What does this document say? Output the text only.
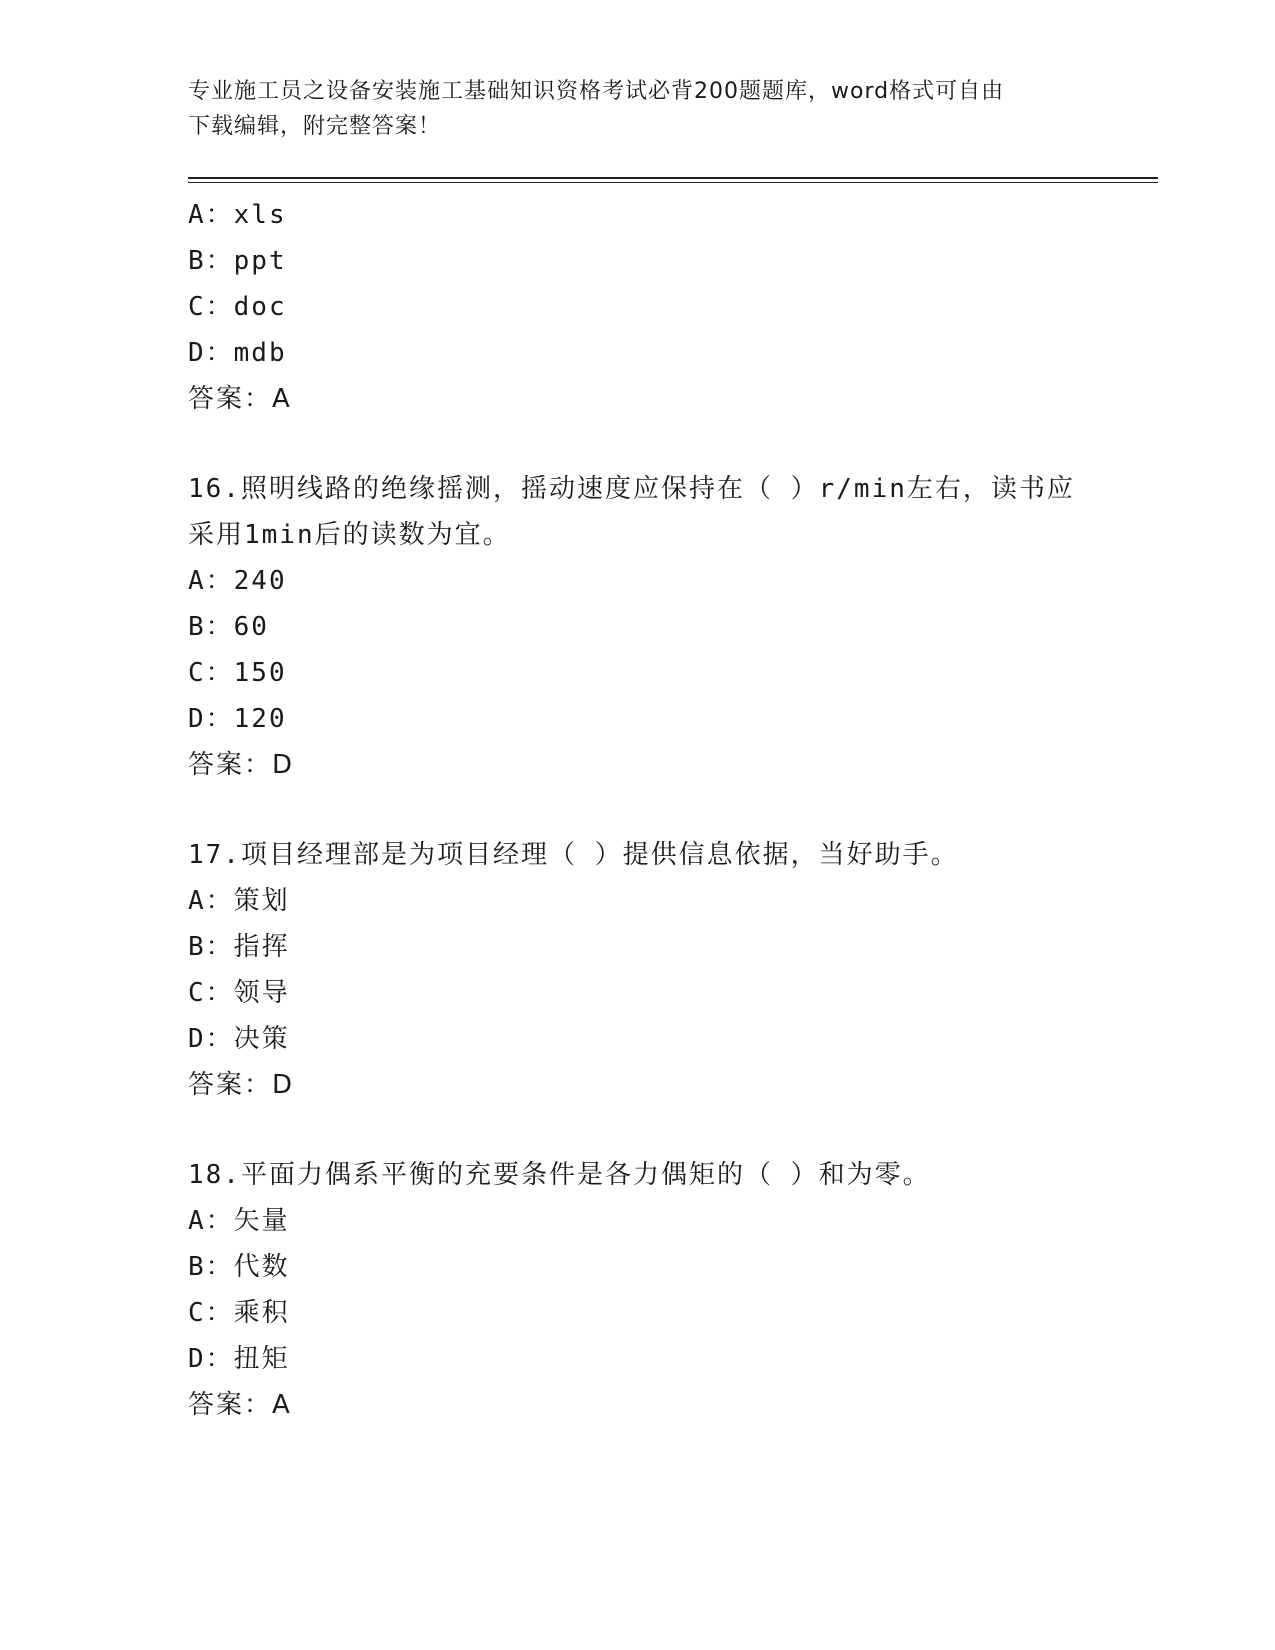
专业施工员之设备安装施工基础知识资格考试必背200题题库，word格式可自由
下载编辑，附完整答案！
A：xls
B：ppt
C：doc
D：mdb
答案：A
16.照明线路的绝缘摇测，摇动速度应保持在（ ）r/min左右，读书应
采用1min后的读数为宜。
A：240
B：60
C：150
D：120
答案：D
17.项目经理部是为项目经理（ ）提供信息依据，当好助手。
A：策划
B：指挥
C：领导
D：决策
答案：D
18.平面力偶系平衡的充要条件是各力偶矩的（ ）和为零。
A：矢量
B：代数
C：乘积
D：扭矩
答案：A
